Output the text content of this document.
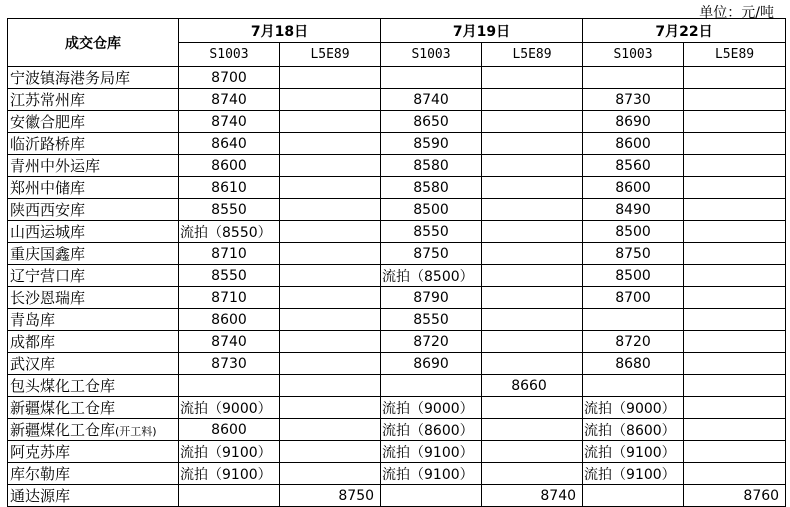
单位：元/吨
成交仓库	7月18日		7月19日		7月22日	
	S1003	L5E89	S1003	L5E89	S1003	L5E89
宁波镇海港务局库	8700					
江苏常州库	8740		8740		8730	
安徽合肥库	8740		8650		8690	
临沂路桥库	8640		8590		8600	
青州中外运库	8600		8580		8560	
郑州中储库	8610		8580		8600	
陕西西安库	8550		8500		8490	
山西运城库	流拍（8550）		8550		8500	
重庆国鑫库	8710		8750		8750	
辽宁营口库	8550		流拍（8500）		8500	
长沙恩瑞库	8710		8790		8700	
青岛库	8600		8550			
成都库	8740		8720		8720	
武汉库	8730		8690		8680	
包头煤化工仓库				8660		
新疆煤化工仓库	流拍（9000）		流拍（9000）		流拍（9000）	
新疆煤化工仓库(开工料)	8600		流拍（8600）		流拍（8600）	
阿克苏库	流拍（9100）		流拍（9100）		流拍（9100）	
库尔勒库	流拍（9100）		流拍（9100）		流拍（9100）	
通达源库		8750		8740		8760
